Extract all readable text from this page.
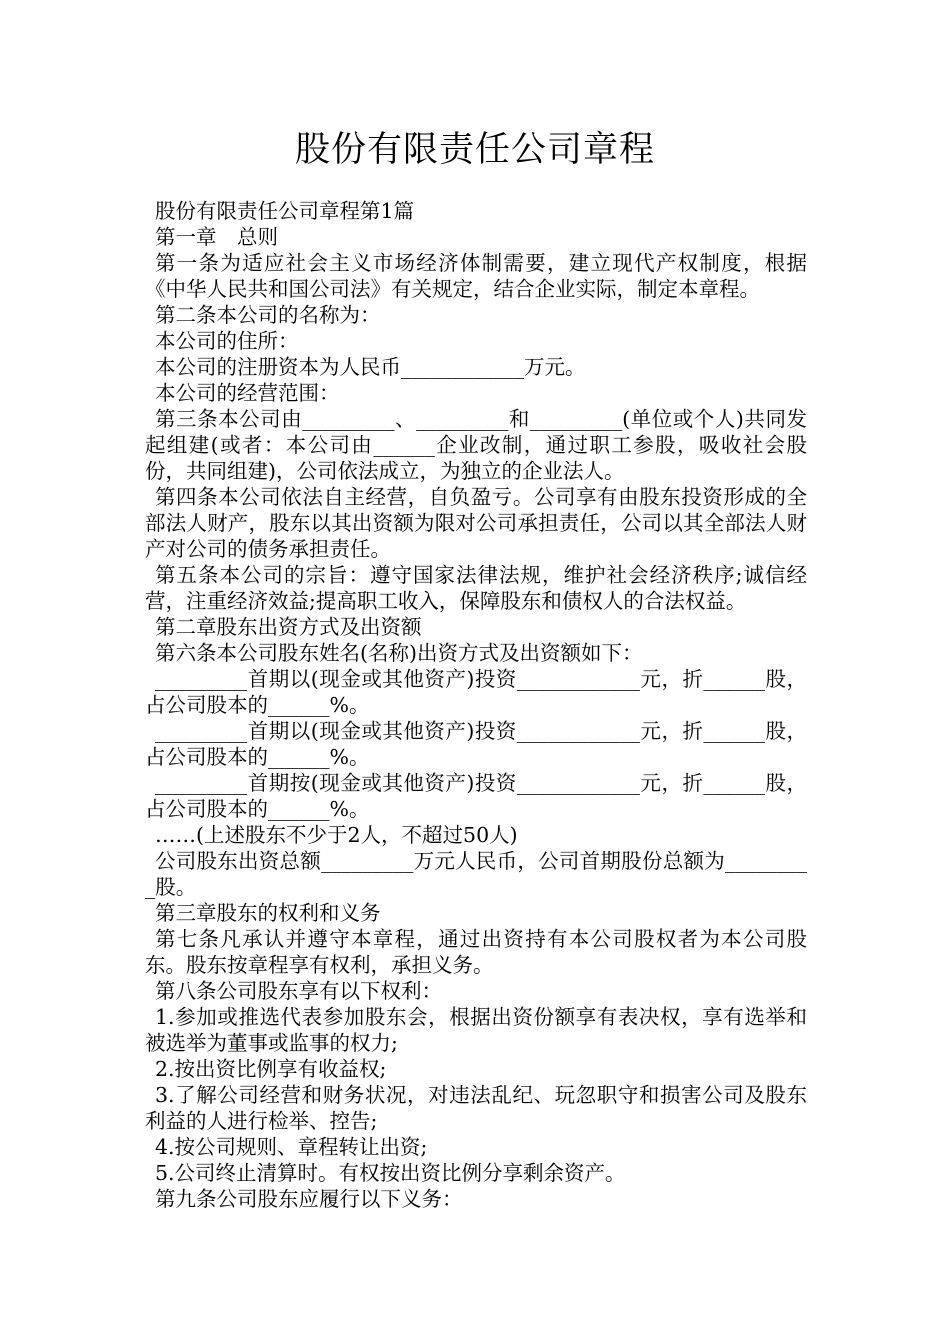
股份有限责任公司章程

股份有限责任公司章程第1篇

第一章　总则

第一条为适应社会主义市场经济体制需要，建立现代产权制度，根据《中华人民共和国公司法》有关规定，结合企业实际，制定本章程。

第二条本公司的名称为：

本公司的住所：

本公司的注册资本为人民币____________万元。

本公司的经营范围：

第三条本公司由_________、_________和_________(单位或个人)共同发起组建(或者：本公司由______企业改制，通过职工参股，吸收社会股份，共同组建)，公司依法成立，为独立的企业法人。

第四条本公司依法自主经营，自负盈亏。公司享有由股东投资形成的全部法人财产，股东以其出资额为限对公司承担责任，公司以其全部法人财产对公司的债务承担责任。

第五条本公司的宗旨：遵守国家法律法规，维护社会经济秩序;诚信经营，注重经济效益;提高职工收入，保障股东和债权人的合法权益。

第二章股东出资方式及出资额

第六条本公司股东姓名(名称)出资方式及出资额如下：

_________首期以(现金或其他资产)投资____________元，折______股，占公司股本的______%。

_________首期以(现金或其他资产)投资____________元，折______股，占公司股本的______%。

_________首期按(现金或其他资产)投资____________元，折______股，占公司股本的______%。

……(上述股东不少于2人，不超过50人)

公司股东出资总额_________万元人民币，公司首期股份总额为_________股。

第三章股东的权利和义务

第七条凡承认并遵守本章程，通过出资持有本公司股权者为本公司股东。股东按章程享有权利，承担义务。

第八条公司股东享有以下权利：

1.参加或推选代表参加股东会，根据出资份额享有表决权，享有选举和被选举为董事或监事的权力;

2.按出资比例享有收益权;

3.了解公司经营和财务状况，对违法乱纪、玩忽职守和损害公司及股东利益的人进行检举、控告;

4.按公司规则、章程转让出资;

5.公司终止清算时。有权按出资比例分享剩余资产。

第九条公司股东应履行以下义务：
